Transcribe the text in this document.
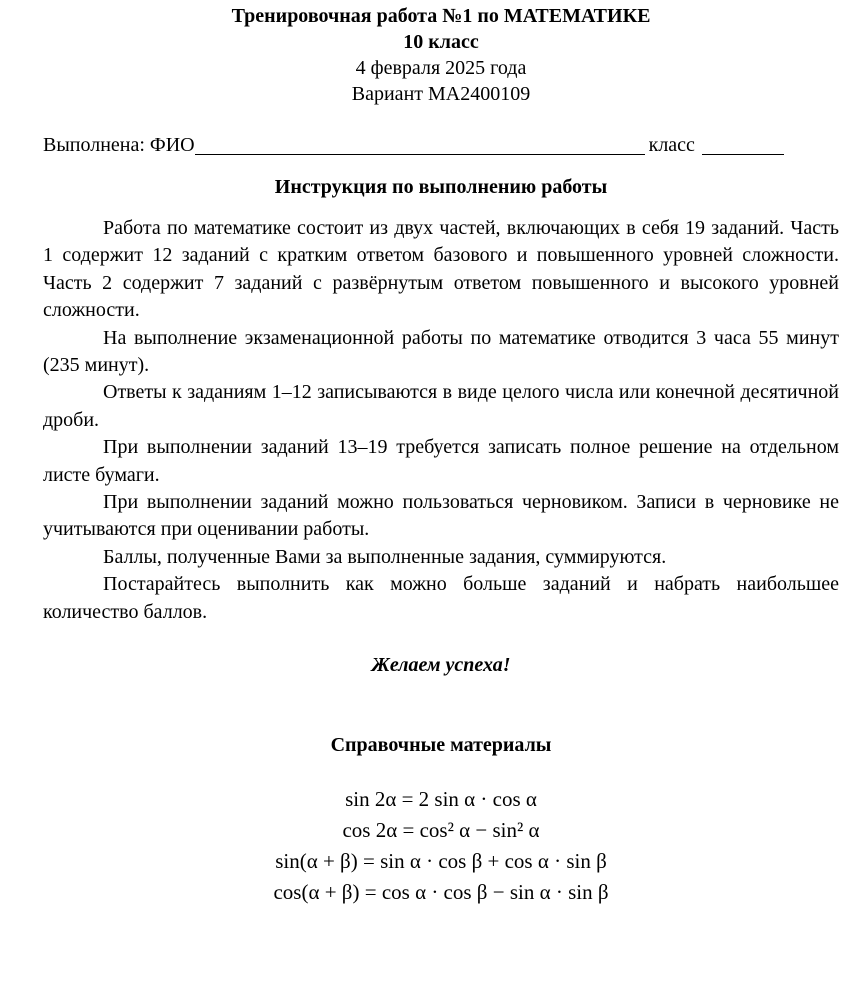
Тренировочная работа №1 по МАТЕМАТИКЕ
10 класс
4 февраля 2025 года
Вариант МА2400109
Выполнена: ФИО	класс
Инструкция по выполнению работы

Работа по математике состоит из двух частей, включающих в себя 19 заданий. Часть 1 содержит 12 заданий с кратким ответом базового и повышенного уровней сложности. Часть 2 содержит 7 заданий с развёрнутым ответом повышенного и высокого уровней сложности.

На выполнение экзаменационной работы по математике отводится 3 часа 55 минут (235 минут).

Ответы к заданиям 1–12 записываются в виде целого числа или конечной десятичной дроби.

При выполнении заданий 13–19 требуется записать полное решение на отдельном листе бумаги.

При выполнении заданий можно пользоваться черновиком. Записи в черновике не учитываются при оценивании работы.

Баллы, полученные Вами за выполненные задания, суммируются.

Постарайтесь выполнить как можно больше заданий и набрать наибольшее количество баллов.

Желаем успеха!
Справочные материалы
sin 2α = 2 sin α · cos α
cos 2α = cos² α − sin² α
sin(α + β) = sin α · cos β + cos α · sin β
cos(α + β) = cos α · cos β − sin α · sin β
